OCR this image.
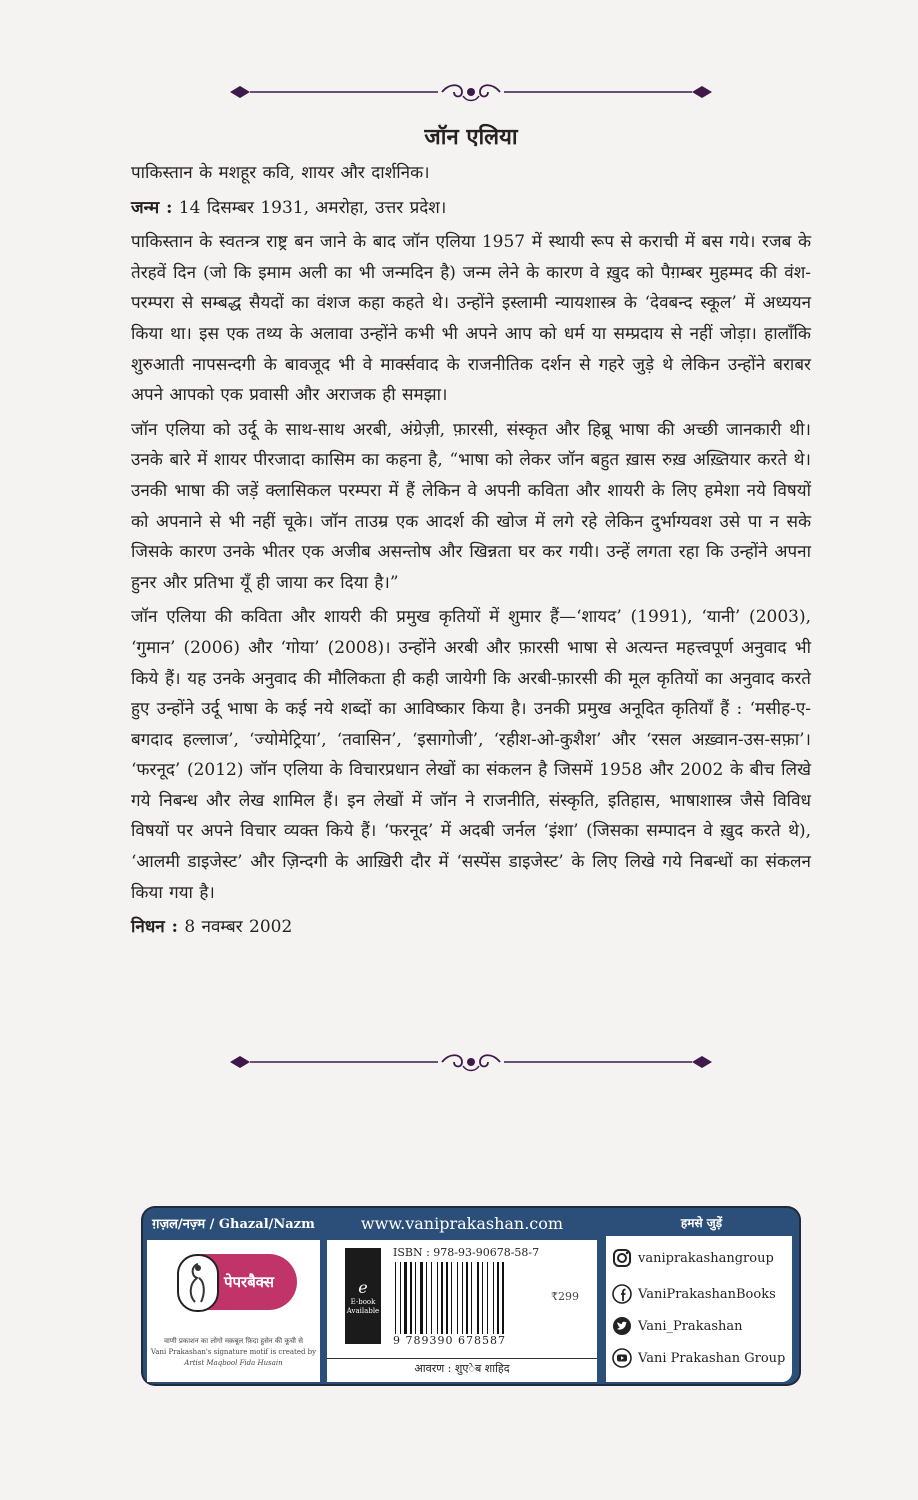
जॉन एलिया

पाकिस्तान के मशहूर कवि, शायर और दार्शनिक।

जन्म : 14 दिसम्बर 1931, अमरोहा, उत्तर प्रदेश।

पाकिस्तान के स्वतन्त्र राष्ट्र बन जाने के बाद जॉन एलिया 1957 में स्थायी रूप से कराची में बस गये। रजब के तेरहवें दिन (जो कि इमाम अली का भी जन्मदिन है) जन्म लेने के कारण वे ख़ुद को पैग़म्बर मुहम्मद की वंश-परम्परा से सम्बद्ध सैयदों का वंशज कहा कहते थे। उन्होंने इस्लामी न्यायशास्त्र के ‘देवबन्द स्कूल’ में अध्ययन किया था। इस एक तथ्य के अलावा उन्होंने कभी भी अपने आप को धर्म या सम्प्रदाय से नहीं जोड़ा। हालाँकि शुरुआती नापसन्दगी के बावजूद भी वे मार्क्सवाद के राजनीतिक दर्शन से गहरे जुड़े थे लेकिन उन्होंने बराबर अपने आपको एक प्रवासी और अराजक ही समझा।

जॉन एलिया को उर्दू के साथ-साथ अरबी, अंग्रेज़ी, फ़ारसी, संस्कृत और हिब्रू भाषा की अच्छी जानकारी थी। उनके बारे में शायर पीरजादा कासिम का कहना है, “भाषा को लेकर जॉन बहुत ख़ास रुख़ अख़्तियार करते थे। उनकी भाषा की जड़ें क्लासिकल परम्परा में हैं लेकिन वे अपनी कविता और शायरी के लिए हमेशा नये विषयों को अपनाने से भी नहीं चूके। जॉन ताउम्र एक आदर्श की खोज में लगे रहे लेकिन दुर्भाग्यवश उसे पा न सके जिसके कारण उनके भीतर एक अजीब असन्तोष और खिन्नता घर कर गयी। उन्हें लगता रहा कि उन्होंने अपना हुनर और प्रतिभा यूँ ही जाया कर दिया है।”

जॉन एलिया की कविता और शायरी की प्रमुख कृतियों में शुमार हैं—‘शायद’ (1991), ‘यानी’ (2003), ‘गुमान’ (2006) और ‘गोया’ (2008)। उन्होंने अरबी और फ़ारसी भाषा से अत्यन्त महत्त्वपूर्ण अनुवाद भी किये हैं। यह उनके अनुवाद की मौलिकता ही कही जायेगी कि अरबी-फ़ारसी की मूल कृतियों का अनुवाद करते हुए उन्होंने उर्दू भाषा के कई नये शब्दों का आविष्कार किया है। उनकी प्रमुख अनूदित कृतियाँ हैं : ‘मसीह-ए-बगदाद हल्लाज’, ‘ज्योमेट्रिया’, ‘तवासिन’, ‘इसागोजी’, ‘रहीश-ओ-कुशैश’ और ‘रसल अख़्वान-उस-सफ़ा’। ‘फरनूद’ (2012) जॉन एलिया के विचारप्रधान लेखों का संकलन है जिसमें 1958 और 2002 के बीच लिखे गये निबन्ध और लेख शामिल हैं। इन लेखों में जॉन ने राजनीति, संस्कृति, इतिहास, भाषाशास्त्र जैसे विविध विषयों पर अपने विचार व्यक्त किये हैं। ‘फरनूद’ में अदबी जर्नल ‘इंशा’ (जिसका सम्पादन वे ख़ुद करते थे), ‘आलमी डाइजेस्ट’ और ज़िन्दगी के आख़िरी दौर में ‘सस्पेंस डाइजेस्ट’ के लिए लिखे गये निबन्धों का संकलन किया गया है।

निधन : 8 नवम्बर 2002

ग़ज़ल/नज़्म / Ghazal/Nazm
पेपरबैक्स
वाणी प्रकाशन का लोगो मक़बूल फ़िदा हुसेन की कूची से
Vani Prakashan's signature motif is created by
Artist Maqbool Fida Husain
www.vaniprakashan.com
e
E-book Available
ISBN : 978-93-90678-58-7
9 789390 678587
₹299
आवरण : शुएेब शाहिद
हमसे जुड़ें
vaniprakashangroup
VaniPrakashanBooks
Vani_Prakashan
Vani Prakashan Group
